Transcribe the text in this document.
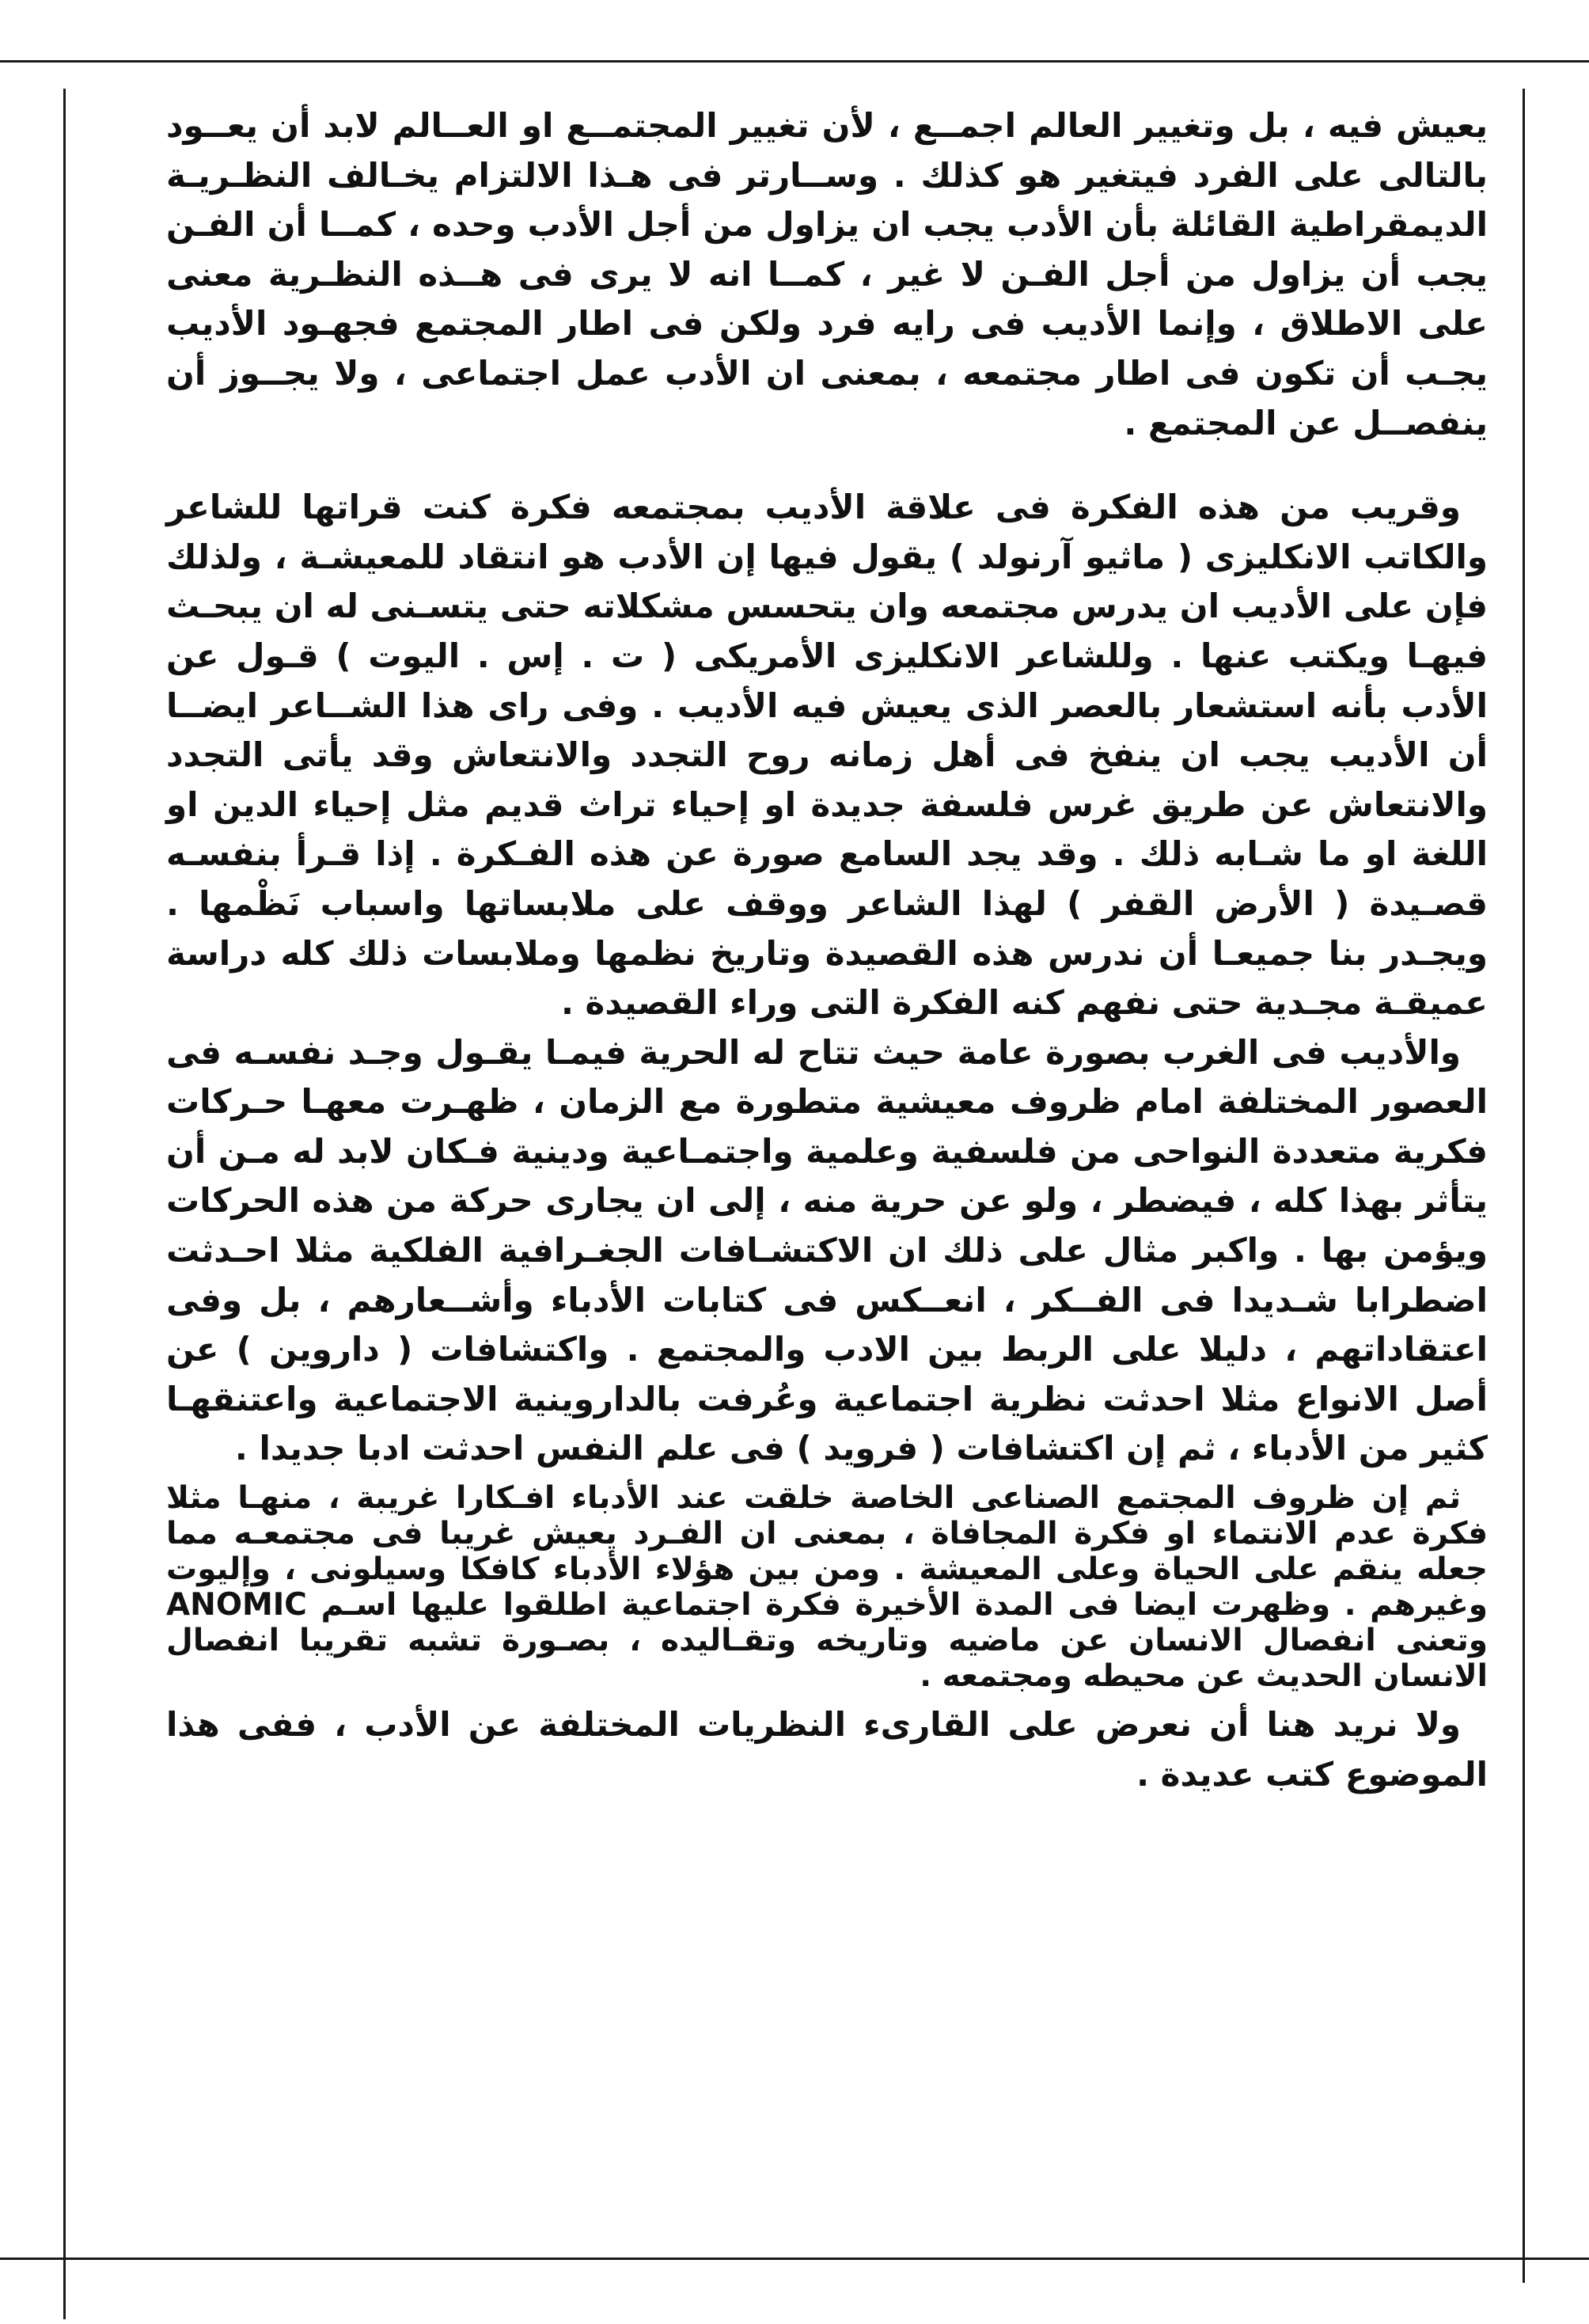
يعيش فيه ، بل وتغيير العالم اجمــع ، لأن تغيير المجتمــع او العــالم لابد أن يعــود بالتالى على الفرد فيتغير هو كذلك . وســارتر فى هـذا الالتزام يخـالف النظـريـة الديمقراطية القائلة بأن الأدب يجب ان يزاول من أجل الأدب وحده ، كمــا أن الفـن يجب أن يزاول من أجل الفـن لا غير ، كمــا انه لا يرى فى هــذه النظـرية معنى على الاطلاق ، وإنما الأديب فى رايه فرد ولكن فى اطار المجتمع فجهـود الأديب يجـب أن تكون فى اطار مجتمعه ، بمعنى ان الأدب عمل اجتماعى ، ولا يجــوز أن ينفصــل عن المجتمع .

وقريب من هذه الفكرة فى علاقة الأديب بمجتمعه فكرة كنت قراتها للشاعر والكاتب الانكليزى ( ماثيو آرنولد ) يقول فيها إن الأدب هو انتقاد للمعيشـة ، ولذلك فإن على الأديب ان يدرس مجتمعه وان يتحسس مشكلاته حتى يتسـنى له ان يبحـث فيهـا ويكتب عنها . وللشاعر الانكليزى الأمريكى ( ت . إس . اليوت ) قـول عن الأدب بأنه استشعار بالعصر الذى يعيش فيه الأديب . وفى راى هذا الشــاعر ايضــا أن الأديب يجب ان ينفخ فى أهل زمانه روح التجدد والانتعاش وقد يأتى التجدد والانتعاش عن طريق غرس فلسفة جديدة او إحياء تراث قديم مثل إحياء الدين او اللغة او ما شـابه ذلك . وقد يجد السامع صورة عن هذه الفـكرة . إذا قـرأ بنفسـه قصـيدة ( الأرض القفر ) لهذا الشاعر ووقف على ملابساتها واسباب نَظْمها . ويجـدر بنا جميعـا أن ندرس هذه القصيدة وتاريخ نظمها وملابسات ذلك كله دراسة عميقـة مجـدية حتى نفهم كنه الفكرة التى وراء القصيدة .

والأديب فى الغرب بصورة عامة حيث تتاح له الحرية فيمـا يقـول وجـد نفسـه فى العصور المختلفة امام ظروف معيشية متطورة مع الزمان ، ظهـرت معهـا حـركات فكرية متعددة النواحى من فلسفية وعلمية واجتمـاعية ودينية فـكان لابد له مـن أن يتأثر بهذا كله ، فيضطر ، ولو عن حرية منه ، إلى ان يجارى حركة من هذه الحركات ويؤمن بها . واكبر مثال على ذلك ان الاكتشـافات الجغـرافية الفلكية مثلا احـدثت اضطرابا شـديدا فى الفــكر ، انعــكس فى كتابات الأدباء وأشــعارهم ، بل وفى اعتقاداتهم ، دليلا على الربط بين الادب والمجتمع . واكتشافات ( داروين ) عن أصل الانواع مثلا احدثت نظرية اجتماعية وعُرفت بالداروينية الاجتماعية واعتنقهـا كثير من الأدباء ، ثم إن اكتشافات ( فرويد ) فى علم النفس احدثت ادبا جديدا .

ثم إن ظروف المجتمع الصناعى الخاصة خلقت عند الأدباء افـكارا غريبة ، منهـا مثلا فكرة عدم الانتماء او فكرة المجافاة ، بمعنى ان الفـرد يعيش غريبا فى مجتمعـه مما جعله ينقم على الحياة وعلى المعيشة . ومن بين هؤلاء الأدباء كافكا وسيلونى ، وإليوت وغيرهم . وظهرت ايضا فى المدة الأخيرة فكرة اجتماعية اطلقوا عليها اسـم ANOMIC وتعنى انفصال الانسان عن ماضيه وتاريخه وتقـاليده ، بصـورة تشبه تقريبا انفصال الانسان الحديث عن محيطه ومجتمعه .

ولا نريد هنا أن نعرض على القارىء النظريات المختلفة عن الأدب ، ففى هذا الموضوع كتب عديدة .
